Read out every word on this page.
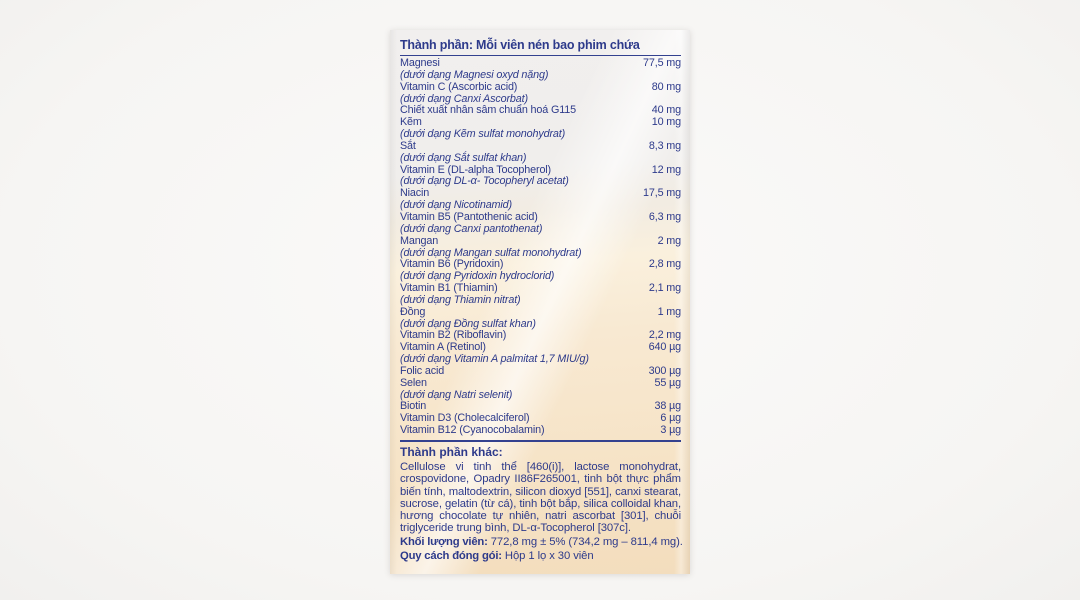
Thành phần: Mỗi viên nén bao phim chứa
Magnesi	77,5 mg
(dưới dạng Magnesi oxyd nặng)
Vitamin C (Ascorbic acid)	80 mg
(dưới dạng Canxi Ascorbat)
Chiết xuất nhân sâm chuẩn hoá G115	40 mg
Kẽm	10 mg
(dưới dạng Kẽm sulfat monohydrat)
Sắt	8,3 mg
(dưới dạng Sắt sulfat khan)
Vitamin E (DL-alpha Tocopherol)	12 mg
(dưới dạng DL-α- Tocopheryl acetat)
Niacin	17,5 mg
(dưới dạng Nicotinamid)
Vitamin B5 (Pantothenic acid)	6,3 mg
(dưới dạng Canxi pantothenat)
Mangan	2 mg
(dưới dạng Mangan sulfat monohydrat)
Vitamin B6 (Pyridoxin)	2,8 mg
(dưới dạng Pyridoxin hydroclorid)
Vitamin B1 (Thiamin)	2,1 mg
(dưới dạng Thiamin nitrat)
Đồng	1 mg
(dưới dạng Đồng sulfat khan)
Vitamin B2 (Riboflavin)	2,2 mg
Vitamin A (Retinol)	640 µg
(dưới dạng Vitamin A palmitat 1,7 MIU/g)
Folic acid	300 µg
Selen	55 µg
(dưới dạng Natri selenit)
Biotin	38 µg
Vitamin D3 (Cholecalciferol)	6 µg
Vitamin B12 (Cyanocobalamin)	3 µg
Thành phần khác:
Cellulose vi tinh thể [460(i)], lactose monohydrat, crospovidone, Opadry II86F265001, tinh bột thực phẩm biến tính, maltodextrin, silicon dioxyd [551], canxi stearat, sucrose, gelatin (từ cá), tinh bột bắp, silica colloidal khan, hương chocolate tự nhiên, natri ascorbat [301], chuỗi triglyceride trung bình, DL-α-Tocopherol [307c].
Khối lượng viên: 772,8 mg ± 5% (734,2 mg – 811,4 mg).
Quy cách đóng gói: Hộp 1 lọ x 30 viên
